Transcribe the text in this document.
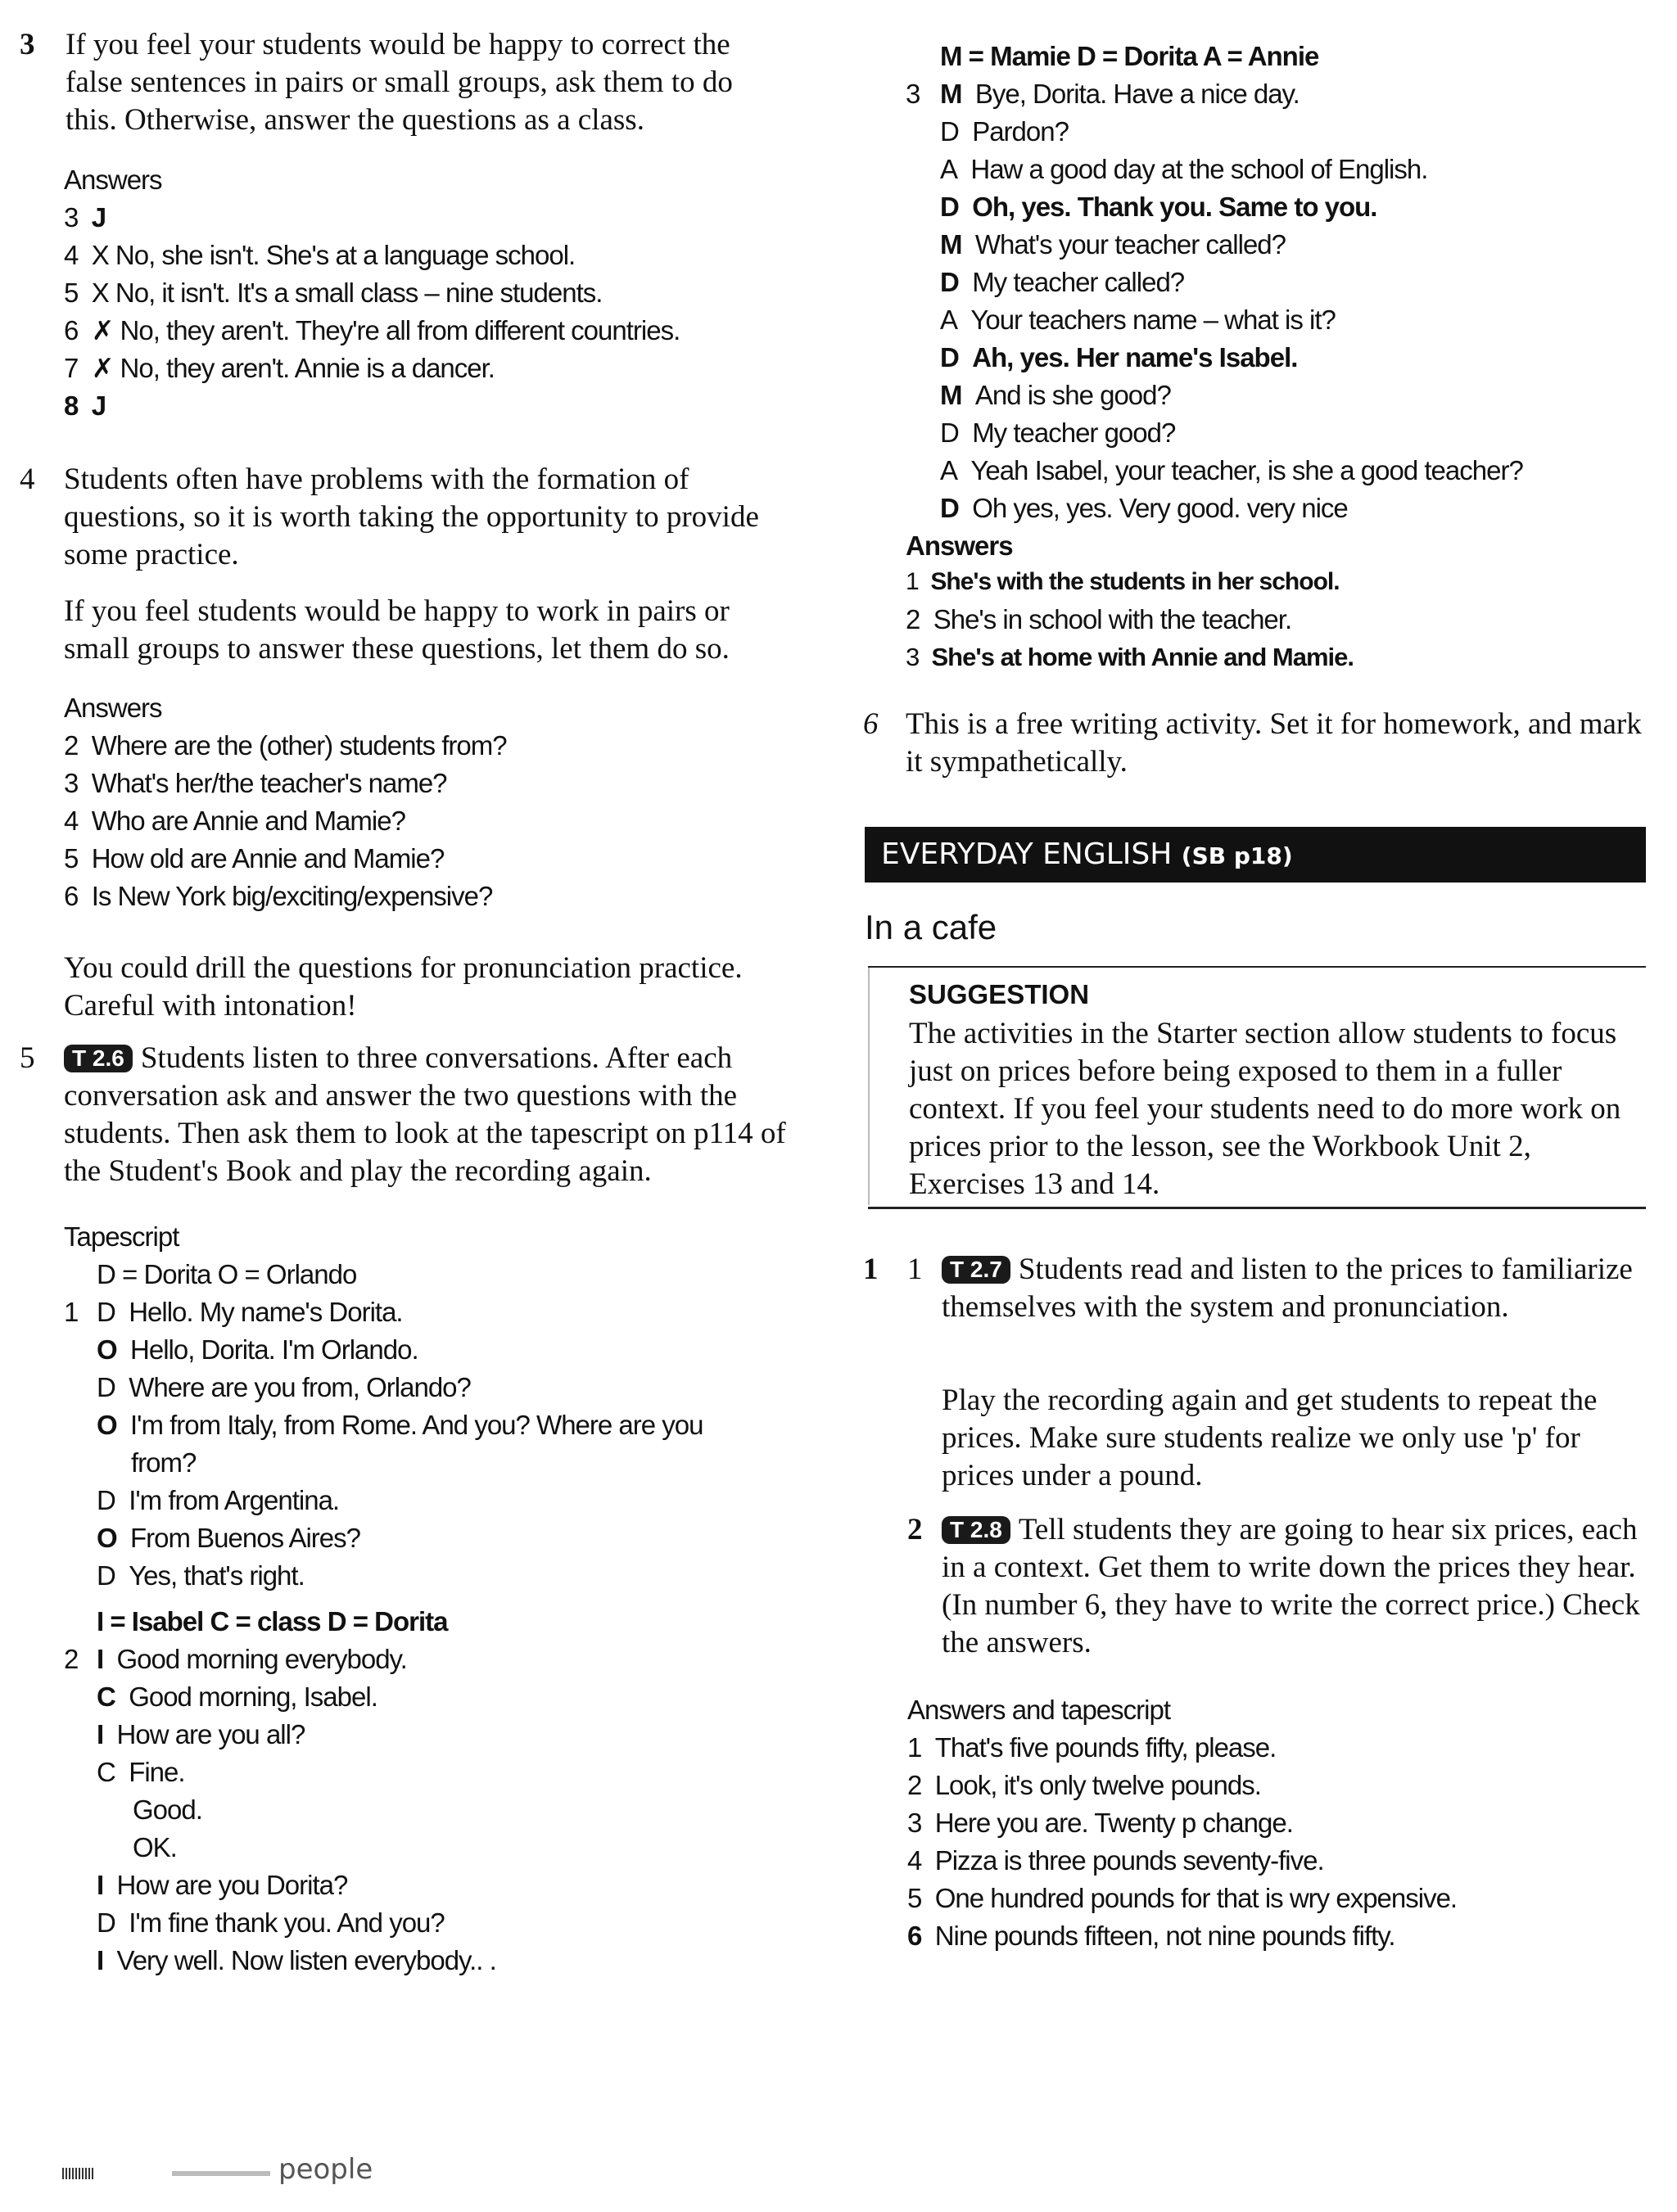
3 If you feel your students would be happy to correct the false sentences in pairs or small groups, ask them to do this. Otherwise, answer the questions as a class.
Answers
3 J
4 X No, she isn't. She's at a language school.
5 X No, it isn't. It's a small class – nine students.
6 ✗ No, they aren't. They're all from different countries.
7 ✗ No, they aren't. Annie is a dancer.
8 J
4 Students often have problems with the formation of questions, so it is worth taking the opportunity to provide some practice.
If you feel students would be happy to work in pairs or small groups to answer these questions, let them do so.
Answers
2 Where are the (other) students from?
3 What's her/the teacher's name?
4 Who are Annie and Mamie?
5 How old are Annie and Mamie?
6 Is New York big/exciting/expensive?
You could drill the questions for pronunciation practice. Careful with intonation!
5	T 2.6 Students listen to three conversations. After each conversation ask and answer the two questions with the students. Then ask them to look at the tapescript on p114 of the Student's Book and play the recording again.
Tapescript
D = Dorita O = Orlando
1 D Hello. My name's Dorita.
O Hello, Dorita. I'm Orlando.
D Where are you from, Orlando?
O I'm from Italy, from Rome. And you? Where are you
from?
D I'm from Argentina.
O From Buenos Aires?
D Yes, that's right.
I = Isabel C = class D = Dorita
2 I Good morning everybody.
C Good morning, Isabel.
I How are you all?
C Fine.
Good.
OK.
I How are you Dorita?
D I'm fine thank you. And you?
I Very well. Now listen everybody.. .
people
M = Mamie D = Dorita A = Annie
3 M Bye, Dorita. Have a nice day.
D Pardon?
A Haw a good day at the school of English.
D Oh, yes. Thank you. Same to you.
M What's your teacher called?
D My teacher called?
A Your teachers name – what is it?
D Ah, yes. Her name's Isabel.
M And is she good?
D My teacher good?
A Yeah Isabel, your teacher, is she a good teacher?
D Oh yes, yes. Very good. very nice
Answers
1 She's with the students in her school.
2 She's in school with the teacher.
3 She's at home with Annie and Mamie.
6 This is a free writing activity. Set it for homework, and mark it sympathetically.
EVERYDAY ENGLISH (SB p18)
In a cafe
SUGGESTION
The activities in the Starter section allow students to focus just on prices before being exposed to them in a fuller context. If you feel your students need to do more work on prices prior to the lesson, see the Workbook Unit 2, Exercises 13 and 14.
1 1	T 2.7 Students read and listen to the prices to familiarize themselves with the system and pronunciation.
Play the recording again and get students to repeat the prices. Make sure students realize we only use 'p' for prices under a pound.
2	T 2.8 Tell students they are going to hear six prices, each in a context. Get them to write down the prices they hear. (In number 6, they have to write the correct price.) Check the answers.
Answers and tapescript
1 That's five pounds fifty, please.
2 Look, it's only twelve pounds.
3 Here you are. Twenty p change.
4 Pizza is three pounds seventy-five.
5 One hundred pounds for that is wry expensive.
6 Nine pounds fifteen, not nine pounds fifty.
